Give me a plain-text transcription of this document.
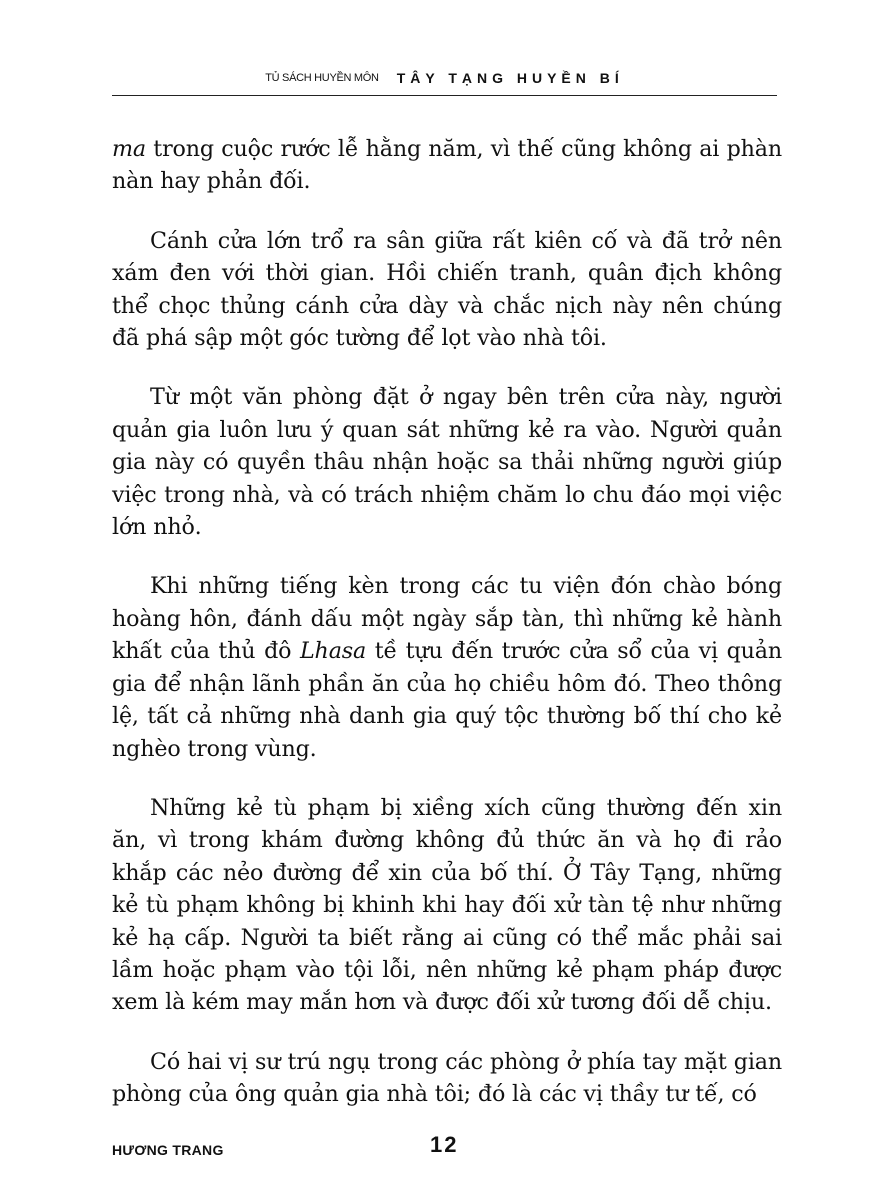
TỦ SÁCH HUYỀN MÔN TÂY TẠNG HUYỀN BÍ

ma trong cuộc rước lễ hằng năm, vì thế cũng không ai phàn nàn hay phản đối.

Cánh cửa lớn trổ ra sân giữa rất kiên cố và đã trở nên xám đen với thời gian. Hồi chiến tranh, quân địch không thể chọc thủng cánh cửa dày và chắc nịch này nên chúng đã phá sập một góc tường để lọt vào nhà tôi.

Từ một văn phòng đặt ở ngay bên trên cửa này, người quản gia luôn lưu ý quan sát những kẻ ra vào. Người quản gia này có quyền thâu nhận hoặc sa thải những người giúp việc trong nhà, và có trách nhiệm chăm lo chu đáo mọi việc lớn nhỏ.

Khi những tiếng kèn trong các tu viện đón chào bóng hoàng hôn, đánh dấu một ngày sắp tàn, thì những kẻ hành khất của thủ đô Lhasa tề tựu đến trước cửa sổ của vị quản gia để nhận lãnh phần ăn của họ chiều hôm đó. Theo thông lệ, tất cả những nhà danh gia quý tộc thường bố thí cho kẻ nghèo trong vùng.

Những kẻ tù phạm bị xiềng xích cũng thường đến xin ăn, vì trong khám đường không đủ thức ăn và họ đi rảo khắp các nẻo đường để xin của bố thí. Ở Tây Tạng, những kẻ tù phạm không bị khinh khi hay đối xử tàn tệ như những kẻ hạ cấp. Người ta biết rằng ai cũng có thể mắc phải sai lầm hoặc phạm vào tội lỗi, nên những kẻ phạm pháp được xem là kém may mắn hơn và được đối xử tương đối dễ chịu.

Có hai vị sư trú ngụ trong các phòng ở phía tay mặt gian phòng của ông quản gia nhà tôi; đó là các vị thầy tư tế, có

HƯƠNG TRANG	12
